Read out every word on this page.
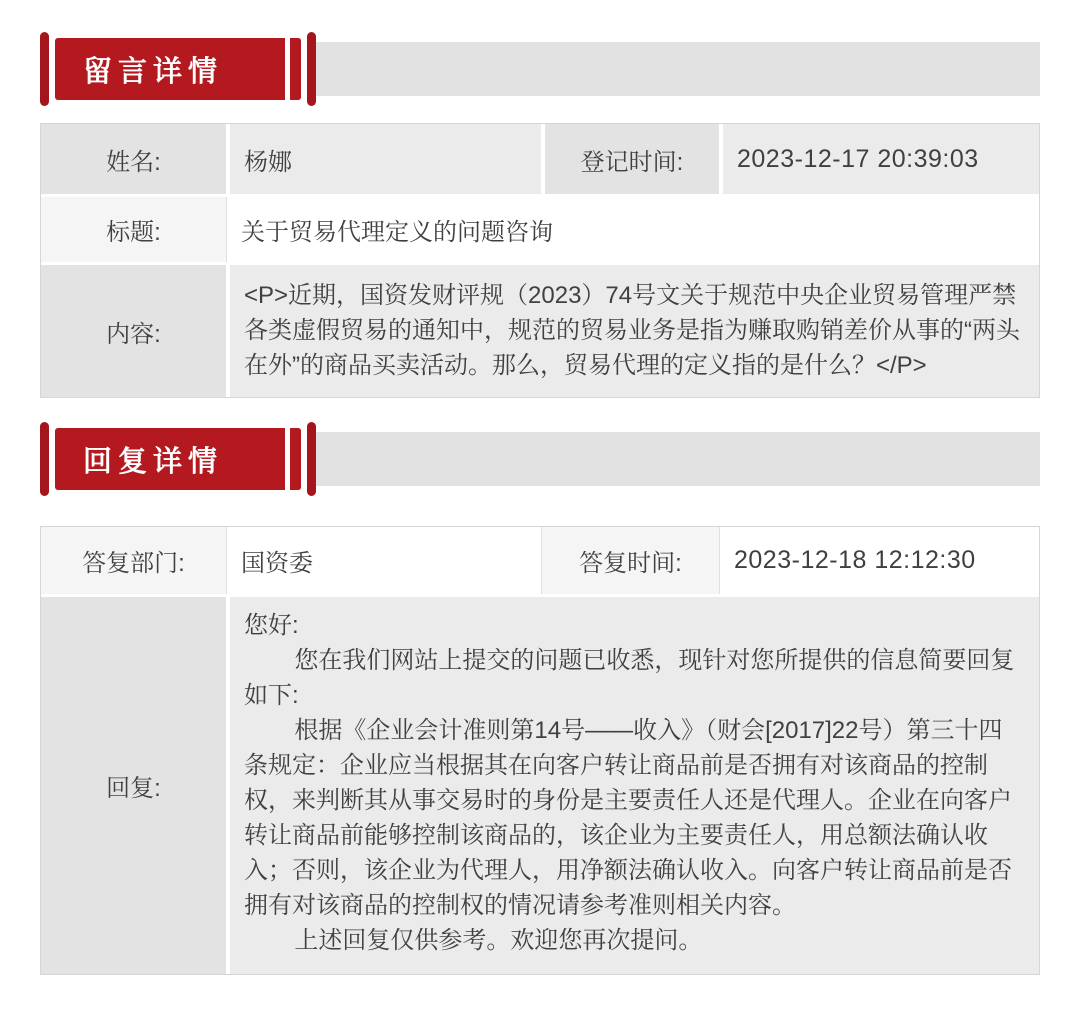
留言详情
姓名:	杨娜	登记时间:	2023-12-17 20:39:03
标题:	关于贸易代理定义的问题咨询
内容:

<P>近期，国资发财评规（2023）74号文关于规范中央企业贸易管理严禁各类虚假贸易的通知中，规范的贸易业务是指为赚取购销差价从事的“两头在外”的商品买卖活动。那么，贸易代理的定义指的是什么？</P>

回复详情
答复部门:	国资委	答复时间:	2023-12-18 12:12:30
回复:

您好:

您在我们网站上提交的问题已收悉，现针对您所提供的信息简要回复如下:

根据《企业会计准则第14号——收入》（财会[2017]22号）第三十四条规定：企业应当根据其在向客户转让商品前是否拥有对该商品的控制权，来判断其从事交易时的身份是主要责任人还是代理人。企业在向客户转让商品前能够控制该商品的，该企业为主要责任人，用总额法确认收入；否则，该企业为代理人，用净额法确认收入。向客户转让商品前是否拥有对该商品的控制权的情况请参考准则相关内容。

上述回复仅供参考。欢迎您再次提问。
